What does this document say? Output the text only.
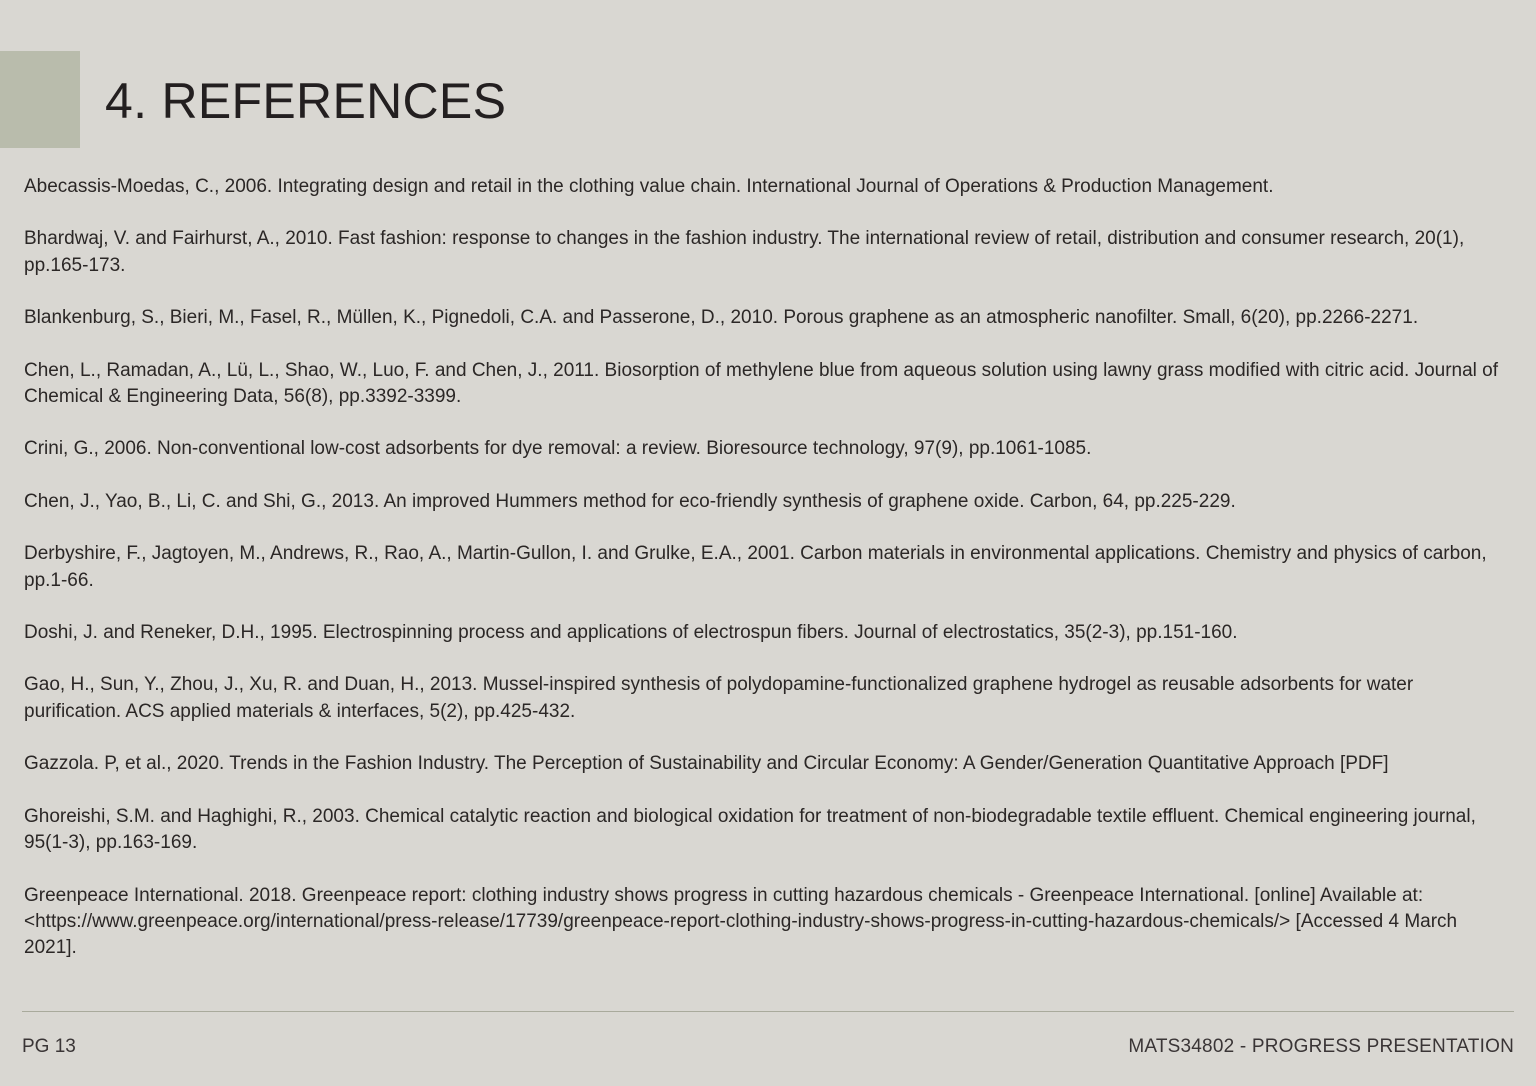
4. REFERENCES
Abecassis-Moedas, C., 2006. Integrating design and retail in the clothing value chain. International Journal of Operations & Production Management.
Bhardwaj, V. and Fairhurst, A., 2010. Fast fashion: response to changes in the fashion industry. The international review of retail, distribution and consumer research, 20(1), pp.165-173.
Blankenburg, S., Bieri, M., Fasel, R., Müllen, K., Pignedoli, C.A. and Passerone, D., 2010. Porous graphene as an atmospheric nanofilter. Small, 6(20), pp.2266-2271.
Chen, L., Ramadan, A., Lü, L., Shao, W., Luo, F. and Chen, J., 2011. Biosorption of methylene blue from aqueous solution using lawny grass modified with citric acid. Journal of Chemical & Engineering Data, 56(8), pp.3392-3399.
Crini, G., 2006. Non-conventional low-cost adsorbents for dye removal: a review. Bioresource technology, 97(9), pp.1061-1085.
Chen, J., Yao, B., Li, C. and Shi, G., 2013. An improved Hummers method for eco-friendly synthesis of graphene oxide. Carbon, 64, pp.225-229.
Derbyshire, F., Jagtoyen, M., Andrews, R., Rao, A., Martin-Gullon, I. and Grulke, E.A., 2001. Carbon materials in environmental applications. Chemistry and physics of carbon, pp.1-66.
Doshi, J. and Reneker, D.H., 1995. Electrospinning process and applications of electrospun fibers. Journal of electrostatics, 35(2-3), pp.151-160.
Gao, H., Sun, Y., Zhou, J., Xu, R. and Duan, H., 2013. Mussel-inspired synthesis of polydopamine-functionalized graphene hydrogel as reusable adsorbents for water purification. ACS applied materials & interfaces, 5(2), pp.425-432.
Gazzola. P, et al., 2020. Trends in the Fashion Industry. The Perception of Sustainability and Circular Economy: A Gender/Generation Quantitative Approach [PDF]
Ghoreishi, S.M. and Haghighi, R., 2003. Chemical catalytic reaction and biological oxidation for treatment of non-biodegradable textile effluent. Chemical engineering journal, 95(1-3), pp.163-169.
Greenpeace International. 2018. Greenpeace report: clothing industry shows progress in cutting hazardous chemicals - Greenpeace International. [online] Available at: <https://www.greenpeace.org/international/press-release/17739/greenpeace-report-clothing-industry-shows-progress-in-cutting-hazardous-chemicals/> [Accessed 4 March 2021].
PG 13	MATS34802 - PROGRESS PRESENTATION
